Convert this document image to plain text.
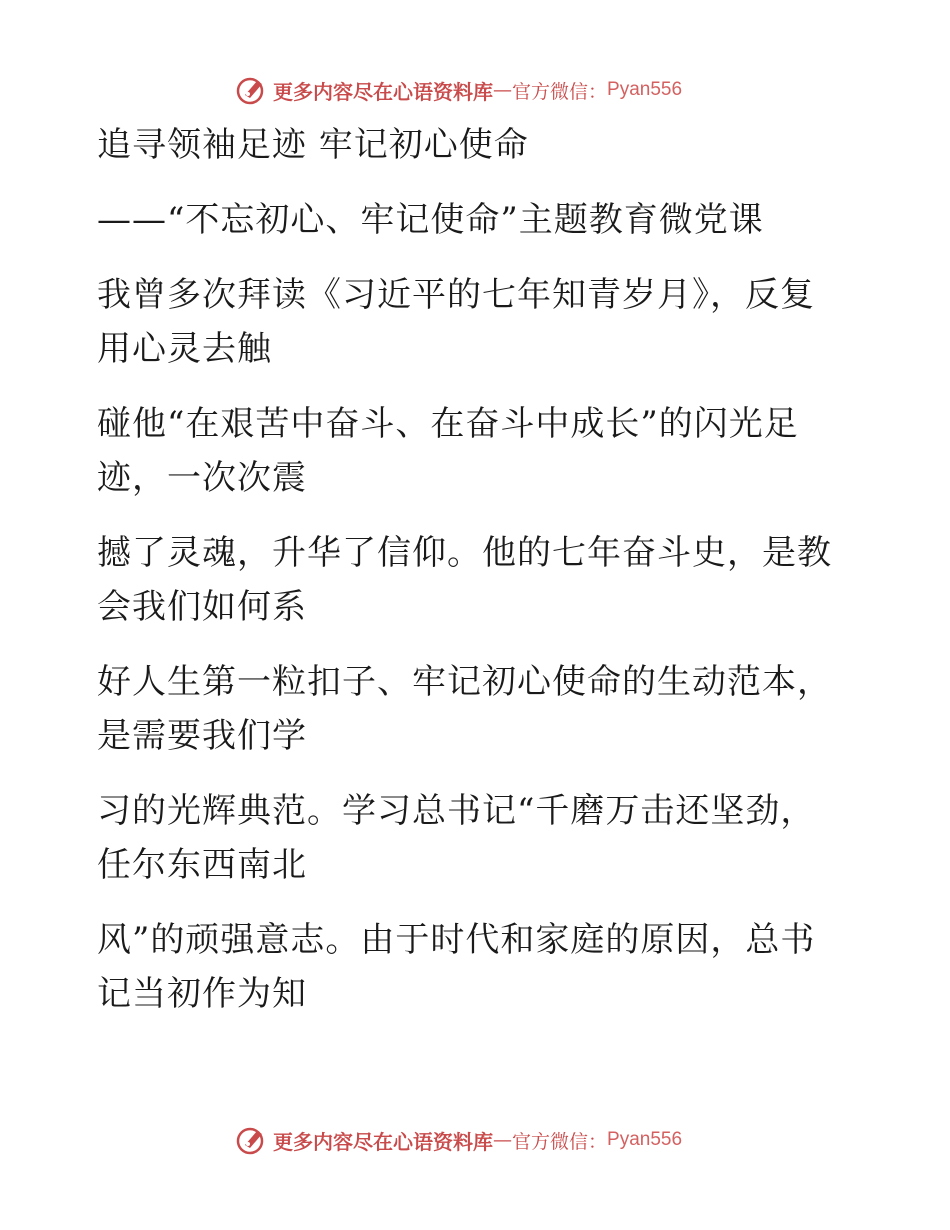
更多内容尽在心语资料库 — 官方微信： Pyan556
追寻领袖足迹 牢记初心使命
——“不忘初心、牢记使命”主题教育微党课
我曾多次拜读《习近平的七年知青岁月》，反复
用心灵去触
碰他“在艰苦中奋斗、在奋斗中成长”的闪光足
迹，一次次震
撼了灵魂，升华了信仰。他的七年奋斗史，是教
会我们如何系
好人生第一粒扣子、牢记初心使命的生动范本，
是需要我们学
习的光辉典范。学习总书记“千磨万击还坚劲，
任尔东西南北
风”的顽强意志。由于时代和家庭的原因，总书
记当初作为知
更多内容尽在心语资料库 — 官方微信： Pyan556
